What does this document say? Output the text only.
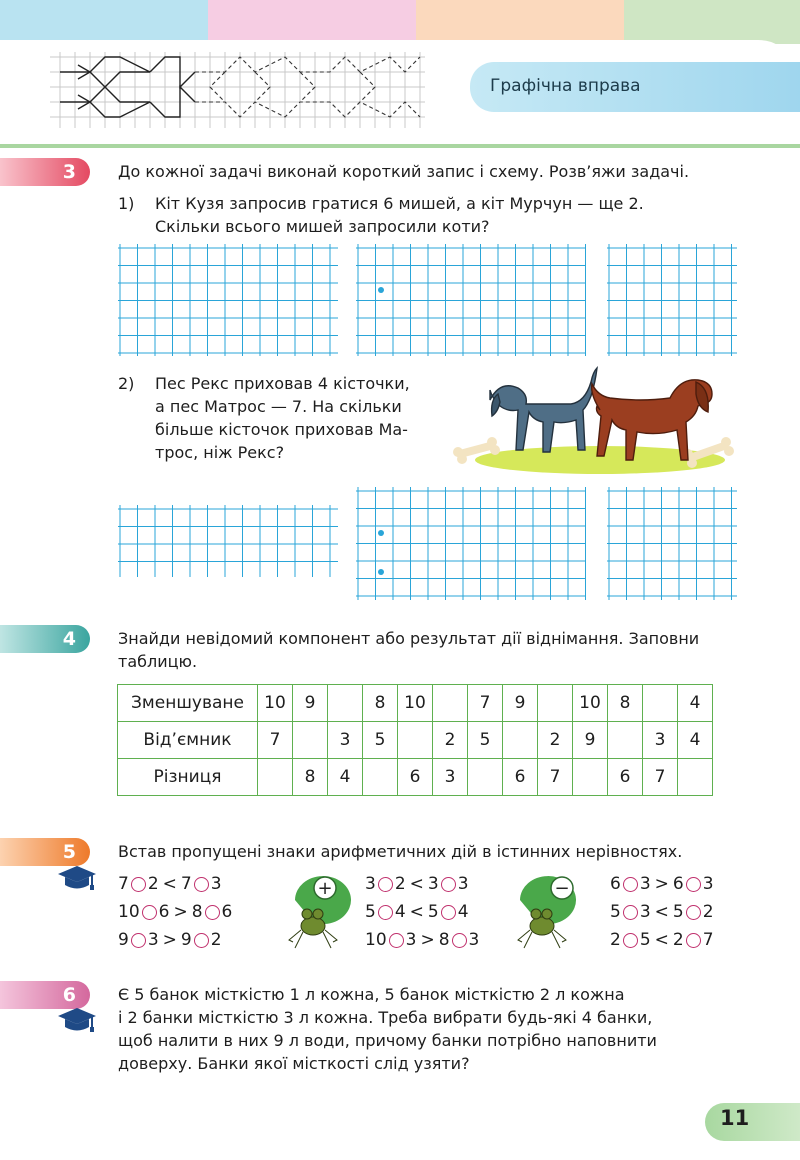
Графічна вправа
3	До кожної задачі виконай короткий запис і схему. Розв’яжи задачі.
1) Кіт Кузя запросив гратися 6 мишей, а кіт Мурчун — ще 2.
Скільки всього мишей запросили коти?
2) Пес Рекс приховав 4 кісточки,
а пес Матрос — 7. На скільки
більше кісточок приховав Ма-
трос, ніж Рекс?
4	Знайди невідомий компонент або результат дії віднімання. Заповни
таблицю.
Зменшуване	10	9		8	10		7	9		10	8		4
Від’ємник	7		3	5		2	5		2	9		3	4
Різниця		8	4		6	3		6	7		6	7	
5	Встав пропущені знаки арифметичних дій в істинних нерівностях.
7 2 < 7 3
10 6 > 8 6
9 3 > 9 2
3 2 < 3 3
5 4 < 5 4
10 3 > 8 3
6 3 > 6 3
5 3 < 5 2
2 5 < 2 7
+	−
6	Є 5 банок місткістю 1 л кожна, 5 банок місткістю 2 л кожна
і 2 банки місткістю 3 л кожна. Треба вибрати будь-які 4 банки,
щоб налити в них 9 л води, причому банки потрібно наповнити
доверху. Банки якої місткості слід узяти?
11
